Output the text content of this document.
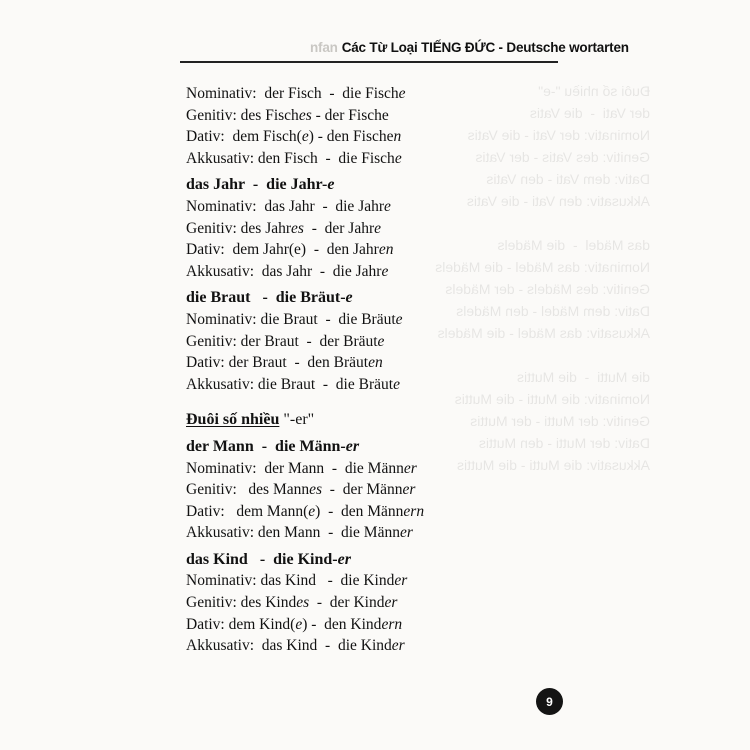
Đuôi số nhiều "-e"
der Vati  -  die Vatis
Nominativ: der Vati - die Vatis
Genitiv: des Vatis - der Vatis
Dativ: dem Vati - den Vatis
Akkusativ: den Vati - die Vatis

das Mädel  -  die Mädels
Nominativ: das Mädel - die Mädels
Genitiv: des Mädels - der Mädels
Dativ: dem Mädel - den Mädels
Akkusativ: das Mädel - die Mädels

die Mutti  -  die Muttis
Nominativ: die Mutti - die Muttis
Genitiv: der Mutti - der Muttis
Dativ: der Mutti - den Muttis
Akkusativ: die Mutti - die Muttis
nfan Các Từ Loại TIẾNG ĐỨC - Deutsche wortarten
Nominativ:  der Fisch  -  die Fische
Genitiv: des Fisches - der Fische
Dativ:  dem Fisch(e) - den Fischen
Akkusativ: den Fisch  -  die Fische
das Jahr  -  die Jahr-e
Nominativ:  das Jahr  -  die Jahre
Genitiv: des Jahres  -  der Jahre
Dativ:  dem Jahr(e)  -  den Jahren
Akkusativ:  das Jahr  -  die Jahre
die Braut   -  die Bräut-e
Nominativ: die Braut  -  die Bräute
Genitiv: der Braut  -  der Bräute
Dativ: der Braut  -  den Bräuten
Akkusativ: die Braut  -  die Bräute
Đuôi số nhiều "-er"
der Mann  -  die Männ-er
Nominativ:  der Mann  -  die Männer
Genitiv:   des Mannes  -  der Männer
Dativ:   dem Mann(e)  -  den Männern
Akkusativ: den Mann  -  die Männer
das Kind   -  die Kind-er
Nominativ: das Kind   -  die Kinder
Genitiv: des Kindes  -  der Kinder
Dativ: dem Kind(e) -  den Kindern
Akkusativ:  das Kind  -  die Kinder
9
